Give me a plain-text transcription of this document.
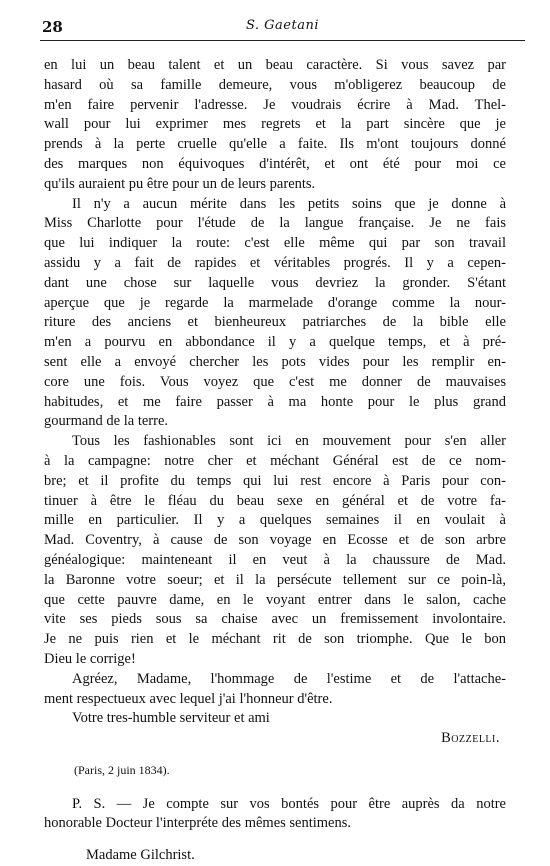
28	S. Gaetani
en lui un beau talent et un beau caractère. Si vous savez par
hasard où sa famille demeure, vous m'obligerez beaucoup de
m'en faire pervenir l'adresse. Je voudrais écrire à Mad. Thel-
wall pour lui exprimer mes regrets et la part sincère que je
prends à la perte cruelle qu'elle a faite. Ils m'ont toujours donné
des marques non équivoques d'intérêt, et ont été pour moi ce
qu'ils auraient pu être pour un de leurs parents.
Il n'y a aucun mérite dans les petits soins que je donne à
Miss Charlotte pour l'étude de la langue française. Je ne fais
que lui indiquer la route: c'est elle même qui par son travail
assidu y a fait de rapides et véritables progrés. Il y a cepen-
dant une chose sur laquelle vous devriez la gronder. S'étant
aperçue que je regarde la marmelade d'orange comme la nour-
riture des anciens et bienheureux patriarches de la bible elle
m'en a pourvu en abbondance il y a quelque temps, et à pré-
sent elle a envoyé chercher les pots vides pour les remplir en-
core une fois. Vous voyez que c'est me donner de mauvaises
habitudes, et me faire passer à ma honte pour le plus grand
gourmand de la terre.
Tous les fashionables sont ici en mouvement pour s'en aller
à la campagne: notre cher et méchant Général est de ce nom-
bre; et il profite du temps qui lui rest encore à Paris pour con-
tinuer à être le fléau du beau sexe en général et de votre fa-
mille en particulier. Il y a quelques semaines il en voulait à
Mad. Coventry, à cause de son voyage en Ecosse et de son arbre
généalogique: mainteneant il en veut à la chaussure de Mad.
la Baronne votre soeur; et il la persécute tellement sur ce poin-là,
que cette pauvre dame, en le voyant entrer dans le salon, cache
vite ses pieds sous sa chaise avec un fremissement involontaire.
Je ne puis rien et le méchant rit de son triomphe. Que le bon
Dieu le corrige!
Agréez, Madame, l'hommage de l'estime et de l'attache-
ment respectueux avec lequel j'ai l'honneur d'être.
Votre tres-humble serviteur et ami
Bozzelli.
(Paris, 2 juin 1834).
P. S. — Je compte sur vos bontés pour être auprès da notre
honorable Docteur l'interpréte des mêmes sentimens.
Madame Gilchrist.
